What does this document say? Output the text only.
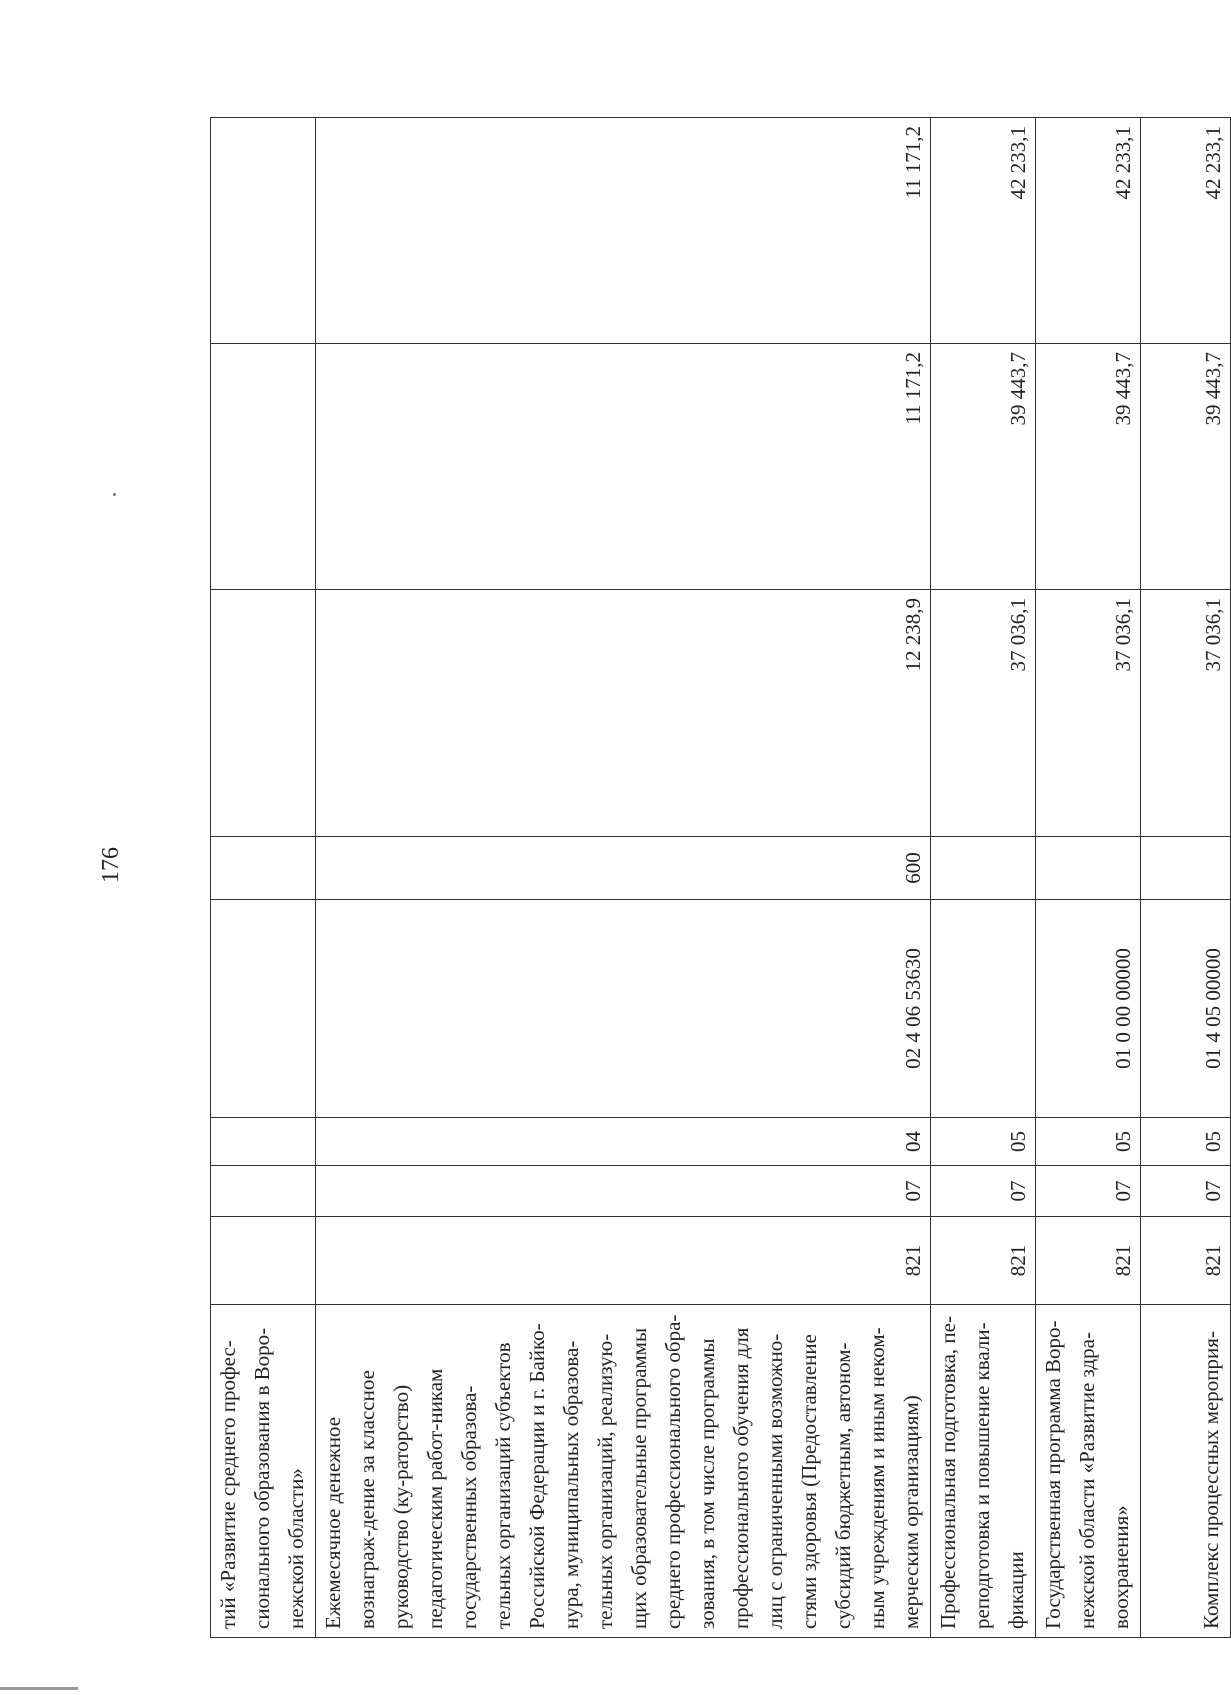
176
тий «Развитие среднего профес-сионального образования в Воро-нежской области»								
Ежемесячное денежное вознаграж-дение за классное руководство (ку-раторство) педагогическим работ-никам государственных образова-тельных организаций субъектов Российской Федерации и г. Байко-нура, муниципальных образова-тельных организаций, реализую-щих образовательные программы среднего профессионального обра-зования, в том числе программы профессионального обучения для лиц с ограниченными возможно-стями здоровья (Предоставление субсидий бюджетным, автоном-ным учреждениям и иным неком-мерческим организациям)	821	07	04	02 4 06 53630	600	12 238,9	11 171,2	11 171,2
Профессиональная подготовка, пе-реподготовка и повышение квали-фикации	821	07	05			37 036,1	39 443,7	42 233,1
Государственная программа Воро-нежской области «Развитие здра-воохранения»	821	07	05	01 0 00 00000		37 036,1	39 443,7	42 233,1
Комплекс процессных мероприя-	821	07	05	01 4 05 00000		37 036,1	39 443,7	42 233,1
